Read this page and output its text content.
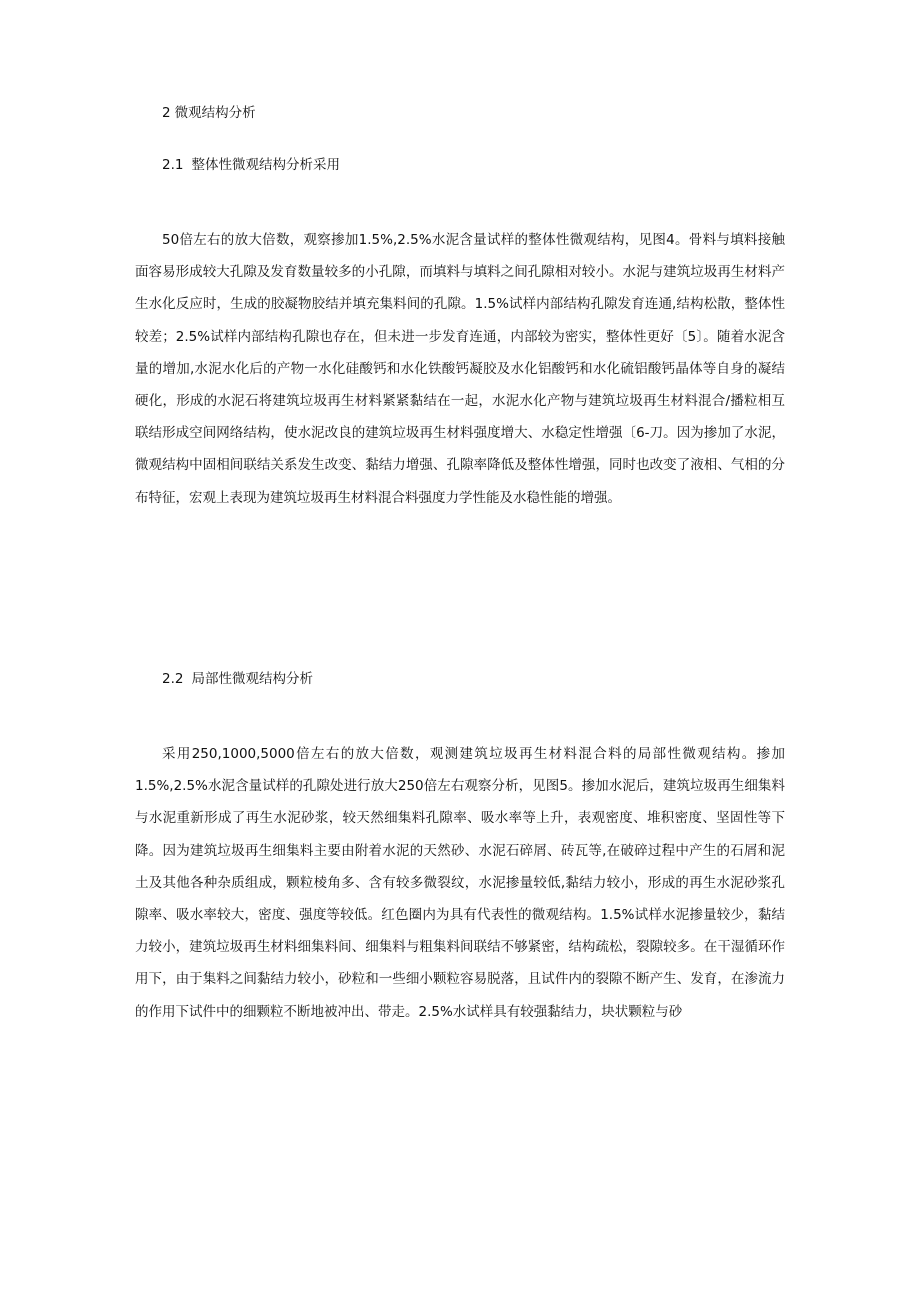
2 微观结构分析
2.1 整体性微观结构分析采用

50倍左右的放大倍数，观察掺加1.5%,2.5%水泥含量试样的整体性微观结构，见图4。骨料与填料接触面容易形成较大孔隙及发育数量较多的小孔隙，而填料与填料之间孔隙相对较小。水泥与建筑垃圾再生材料产生水化反应时，生成的胶凝物胶结并填充集料间的孔隙。1.5%试样内部结构孔隙发育连通,结构松散，整体性较差；2.5%试样内部结构孔隙也存在，但未进一步发育连通，内部较为密实，整体性更好〔5〕。随着水泥含量的增加,水泥水化后的产物一水化硅酸钙和水化铁酸钙凝胶及水化铝酸钙和水化硫铝酸钙晶体等自身的凝结硬化，形成的水泥石将建筑垃圾再生材料紧紧黏结在一起，水泥水化产物与建筑垃圾再生材料混合/播粒相互联结形成空间网络结构，使水泥改良的建筑垃圾再生材料强度增大、水稳定性增强〔6-刀。因为掺加了水泥，微观结构中固相间联结关系发生改变、黏结力增强、孔隙率降低及整体性增强，同时也改变了液相、气相的分布特征，宏观上表现为建筑垃圾再生材料混合料强度力学性能及水稳性能的增强。

2.2 局部性微观结构分析

采用250,1000,5000倍左右的放大倍数，观测建筑垃圾再生材料混合料的局部性微观结构。掺加1.5%,2.5%水泥含量试样的孔隙处进行放大250倍左右观察分析，见图5。掺加水泥后，建筑垃圾再生细集料与水泥重新形成了再生水泥砂浆，较天然细集料孔隙率、吸水率等上升，表观密度、堆积密度、坚固性等下降。因为建筑垃圾再生细集料主要由附着水泥的天然砂、水泥石碎屑、砖瓦等,在破碎过程中产生的石屑和泥土及其他各种杂质组成，颗粒棱角多、含有较多微裂纹，水泥掺量较低,黏结力较小，形成的再生水泥砂浆孔隙率、吸水率较大，密度、强度等较低。红色圈内为具有代表性的微观结构。1.5%试样水泥掺量较少，黏结力较小，建筑垃圾再生材料细集料间、细集料与粗集料间联结不够紧密，结构疏松，裂隙较多。在干湿循环作用下，由于集料之间黏结力较小，砂粒和一些细小颗粒容易脱落，且试件内的裂隙不断产生、发育，在渗流力的作用下试件中的细颗粒不断地被冲出、带走。2.5%水试样具有较强黏结力，块状颗粒与砂
